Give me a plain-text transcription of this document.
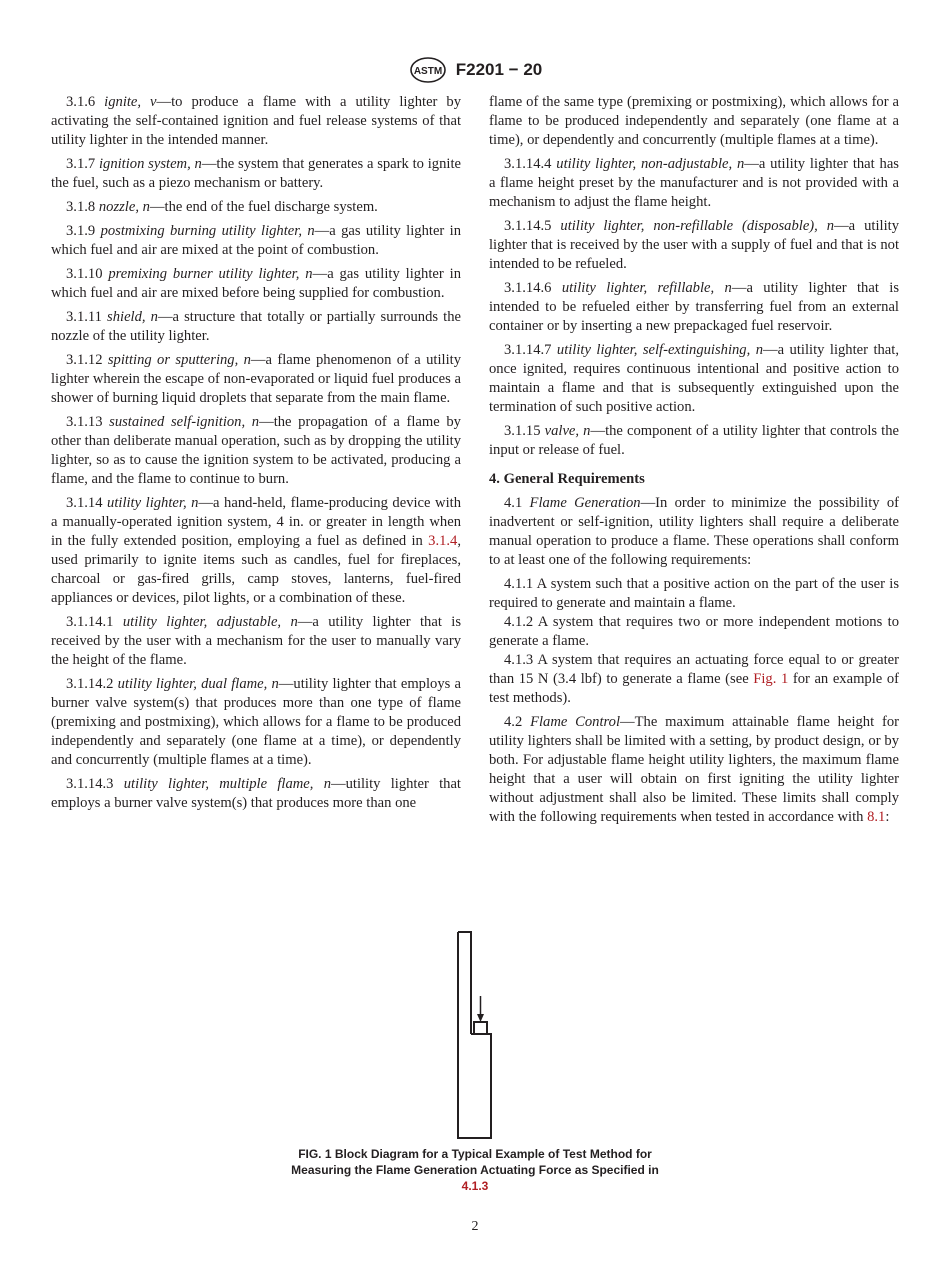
ASTM F2201 − 20

3.1.6 ignite, v—to produce a flame with a utility lighter by activating the self-contained ignition and fuel release systems of that utility lighter in the intended manner.

3.1.7 ignition system, n—the system that generates a spark to ignite the fuel, such as a piezo mechanism or battery.

3.1.8 nozzle, n—the end of the fuel discharge system.

3.1.9 postmixing burning utility lighter, n—a gas utility lighter in which fuel and air are mixed at the point of combustion.

3.1.10 premixing burner utility lighter, n—a gas utility lighter in which fuel and air are mixed before being supplied for combustion.

3.1.11 shield, n—a structure that totally or partially surrounds the nozzle of the utility lighter.

3.1.12 spitting or sputtering, n—a flame phenomenon of a utility lighter wherein the escape of non-evaporated or liquid fuel produces a shower of burning liquid droplets that separate from the main flame.

3.1.13 sustained self-ignition, n—the propagation of a flame by other than deliberate manual operation, such as by dropping the utility lighter, so as to cause the ignition system to be activated, producing a flame, and the flame to continue to burn.

3.1.14 utility lighter, n—a hand-held, flame-producing device with a manually-operated ignition system, 4 in. or greater in length when in the fully extended position, employing a fuel as defined in 3.1.4, used primarily to ignite items such as candles, fuel for fireplaces, charcoal or gas-fired grills, camp stoves, lanterns, fuel-fired appliances or devices, pilot lights, or a combination of these.

3.1.14.1 utility lighter, adjustable, n—a utility lighter that is received by the user with a mechanism for the user to manually vary the height of the flame.

3.1.14.2 utility lighter, dual flame, n—utility lighter that employs a burner valve system(s) that produces more than one type of flame (premixing and postmixing), which allows for a flame to be produced independently and separately (one flame at a time), or dependently and concurrently (multiple flames at a time).

3.1.14.3 utility lighter, multiple flame, n—utility lighter that employs a burner valve system(s) that produces more than one

flame of the same type (premixing or postmixing), which allows for a flame to be produced independently and separately (one flame at a time), or dependently and concurrently (multiple flames at a time).

3.1.14.4 utility lighter, non-adjustable, n—a utility lighter that has a flame height preset by the manufacturer and is not provided with a mechanism to adjust the flame height.

3.1.14.5 utility lighter, non-refillable (disposable), n—a utility lighter that is received by the user with a supply of fuel and that is not intended to be refueled.

3.1.14.6 utility lighter, refillable, n—a utility lighter that is intended to be refueled either by transferring fuel from an external container or by inserting a new prepackaged fuel reservoir.

3.1.14.7 utility lighter, self-extinguishing, n—a utility lighter that, once ignited, requires continuous intentional and positive action to maintain a flame and that is subsequently extinguished upon the termination of such positive action.

3.1.15 valve, n—the component of a utility lighter that controls the input or release of fuel.

4. General Requirements

4.1 Flame Generation—In order to minimize the possibility of inadvertent or self-ignition, utility lighters shall require a deliberate manual operation to produce a flame. These operations shall conform to at least one of the following requirements:

4.1.1 A system such that a positive action on the part of the user is required to generate and maintain a flame.

4.1.2 A system that requires two or more independent motions to generate a flame.

4.1.3 A system that requires an actuating force equal to or greater than 15 N (3.4 lbf) to generate a flame (see Fig. 1 for an example of test methods).

4.2 Flame Control—The maximum attainable flame height for utility lighters shall be limited with a setting, by product design, or by both. For adjustable flame height utility lighters, the maximum flame height that a user will obtain on first igniting the utility lighter without adjustment shall also be limited. These limits shall comply with the following requirements when tested in accordance with 8.1:

FIG. 1 Block Diagram for a Typical Example of Test Method for
Measuring the Flame Generation Actuating Force as Specified in
4.1.3
2
